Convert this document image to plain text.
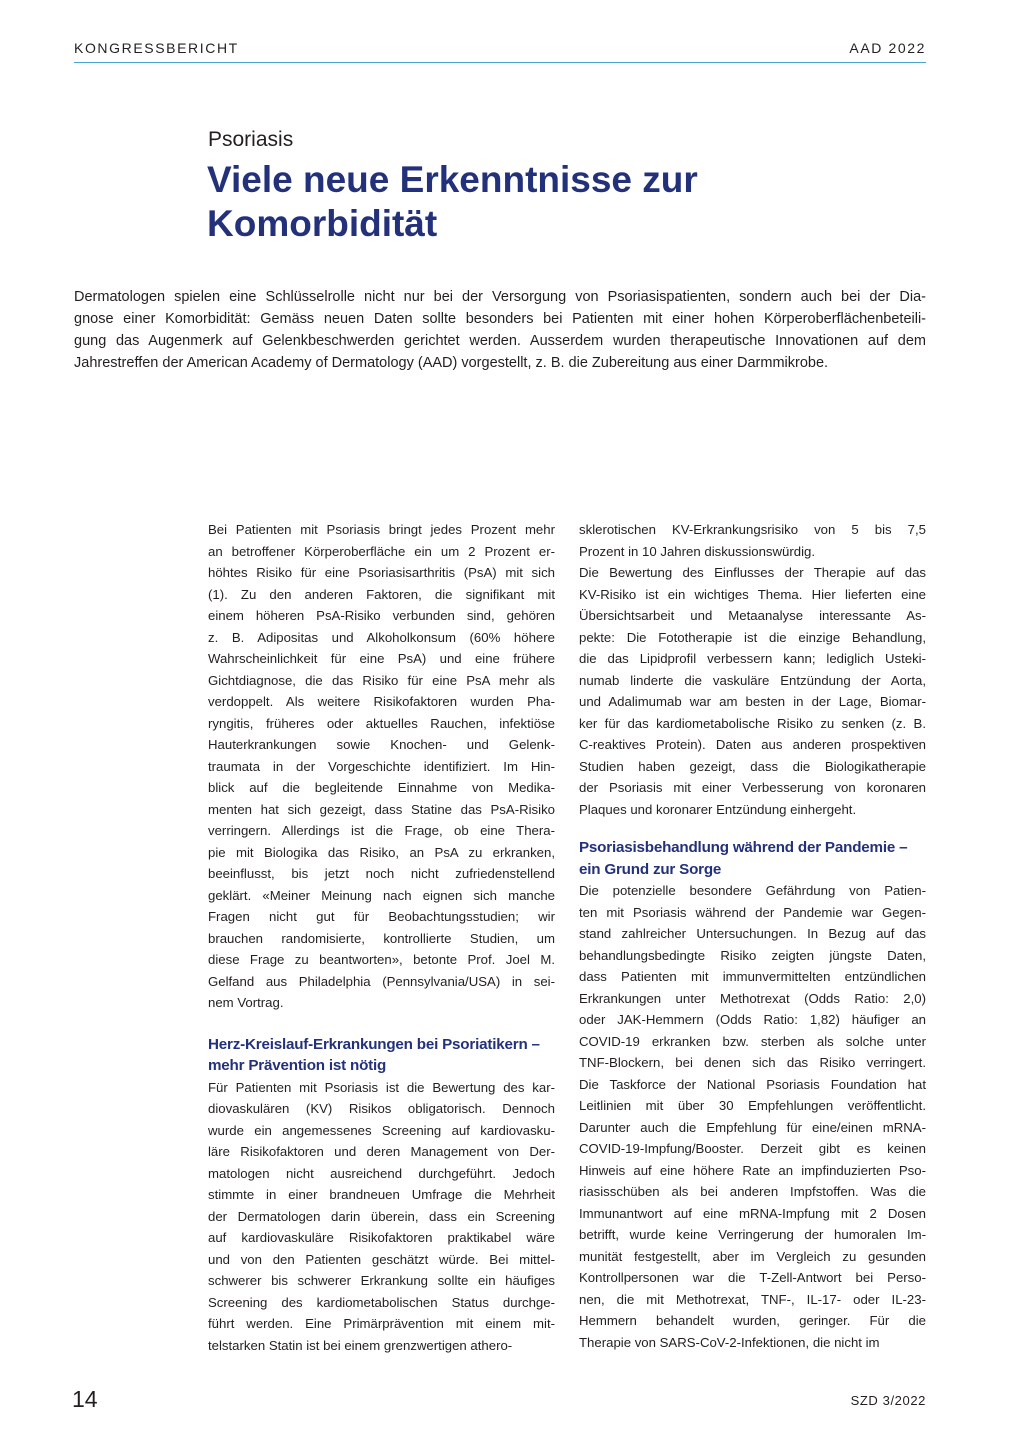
KONGRESSBERICHT	AAD 2022
Psoriasis
Viele neue Erkenntnisse zur
Komorbidität

Dermatologen spielen eine Schlüsselrolle nicht nur bei der Versorgung von Psoriasispatienten, sondern auch bei der Dia-
gnose einer Komorbidität: Gemäss neuen Daten sollte besonders bei Patienten mit einer hohen Körperoberflächenbeteili-
gung das Augenmerk auf Gelenkbeschwerden gerichtet werden. Ausserdem wurden therapeutische Innovationen auf dem
Jahrestreffen der American Academy of Dermatology (AAD) vorgestellt, z. B. die Zubereitung aus einer Darmmikrobe.

Bei Patienten mit Psoriasis bringt jedes Prozent mehr
an betroffener Körperoberfläche ein um 2 Prozent er-
höhtes Risiko für eine Psoriasisarthritis (PsA) mit sich
(1). Zu den anderen Faktoren, die signifikant mit
einem höheren PsA-Risiko verbunden sind, gehören
z. B. Adipositas und Alkoholkonsum (60% höhere
Wahrscheinlichkeit für eine PsA) und eine frühere
Gichtdiagnose, die das Risiko für eine PsA mehr als
verdoppelt. Als weitere Risikofaktoren wurden Pha-
ryngitis, früheres oder aktuelles Rauchen, infektiöse
Hauterkrankungen sowie Knochen- und Gelenk-
traumata in der Vorgeschichte identifiziert. Im Hin-
blick auf die begleitende Einnahme von Medika-
menten hat sich gezeigt, dass Statine das PsA-Risiko
verringern. Allerdings ist die Frage, ob eine Thera-
pie mit Biologika das Risiko, an PsA zu erkranken,
beeinflusst, bis jetzt noch nicht zufriedenstellend
geklärt. «Meiner Meinung nach eignen sich manche
Fragen nicht gut für Beobachtungsstudien; wir
brauchen randomisierte, kontrollierte Studien, um
diese Frage zu beantworten», betonte Prof. Joel M.
Gelfand aus Philadelphia (Pennsylvania/USA) in sei-
nem Vortrag.
Herz-Kreislauf-Erkrankungen bei Psoriatikern –
mehr Prävention ist nötig
Für Patienten mit Psoriasis ist die Bewertung des kar-
diovaskulären (KV) Risikos obligatorisch. Dennoch
wurde ein angemessenes Screening auf kardiovasku-
läre Risikofaktoren und deren Management von Der-
matologen nicht ausreichend durchgeführt. Jedoch
stimmte in einer brandneuen Umfrage die Mehrheit
der Dermatologen darin überein, dass ein Screening
auf kardiovaskuläre Risikofaktoren praktikabel wäre
und von den Patienten geschätzt würde. Bei mittel-
schwerer bis schwerer Erkrankung sollte ein häufiges
Screening des kardiometabolischen Status durchge-
führt werden. Eine Primärprävention mit einem mit-
telstarken Statin ist bei einem grenzwertigen athero-
sklerotischen KV-Erkrankungsrisiko von 5 bis 7,5
Prozent in 10 Jahren diskussionswürdig.
Die Bewertung des Einflusses der Therapie auf das
KV-Risiko ist ein wichtiges Thema. Hier lieferten eine
Übersichtsarbeit und Metaanalyse interessante As-
pekte: Die Fototherapie ist die einzige Behandlung,
die das Lipidprofil verbessern kann; lediglich Usteki-
numab linderte die vaskuläre Entzündung der Aorta,
und Adalimumab war am besten in der Lage, Biomar-
ker für das kardiometabolische Risiko zu senken (z. B.
C-reaktives Protein). Daten aus anderen prospektiven
Studien haben gezeigt, dass die Biologikatherapie
der Psoriasis mit einer Verbesserung von koronaren
Plaques und koronarer Entzündung einhergeht.
Psoriasisbehandlung während der Pandemie –
ein Grund zur Sorge
Die potenzielle besondere Gefährdung von Patien-
ten mit Psoriasis während der Pandemie war Gegen-
stand zahlreicher Untersuchungen. In Bezug auf das
behandlungsbedingte Risiko zeigten jüngste Daten,
dass Patienten mit immunvermittelten entzündlichen
Erkrankungen unter Methotrexat (Odds Ratio: 2,0)
oder JAK-Hemmern (Odds Ratio: 1,82) häufiger an
COVID-19 erkranken bzw. sterben als solche unter
TNF-Blockern, bei denen sich das Risiko verringert.
Die Taskforce der National Psoriasis Foundation hat
Leitlinien mit über 30 Empfehlungen veröffentlicht.
Darunter auch die Empfehlung für eine/einen mRNA-
COVID-19-Impfung/Booster. Derzeit gibt es keinen
Hinweis auf eine höhere Rate an impfinduzierten Pso-
riasisschüben als bei anderen Impfstoffen. Was die
Immunantwort auf eine mRNA-Impfung mit 2 Dosen
betrifft, wurde keine Verringerung der humoralen Im-
munität festgestellt, aber im Vergleich zu gesunden
Kontrollpersonen war die T-Zell-Antwort bei Perso-
nen, die mit Methotrexat, TNF-, IL-17- oder IL-23-
Hemmern behandelt wurden, geringer. Für die
Therapie von SARS-CoV-2-Infektionen, die nicht im
14	SZD 3/2022
